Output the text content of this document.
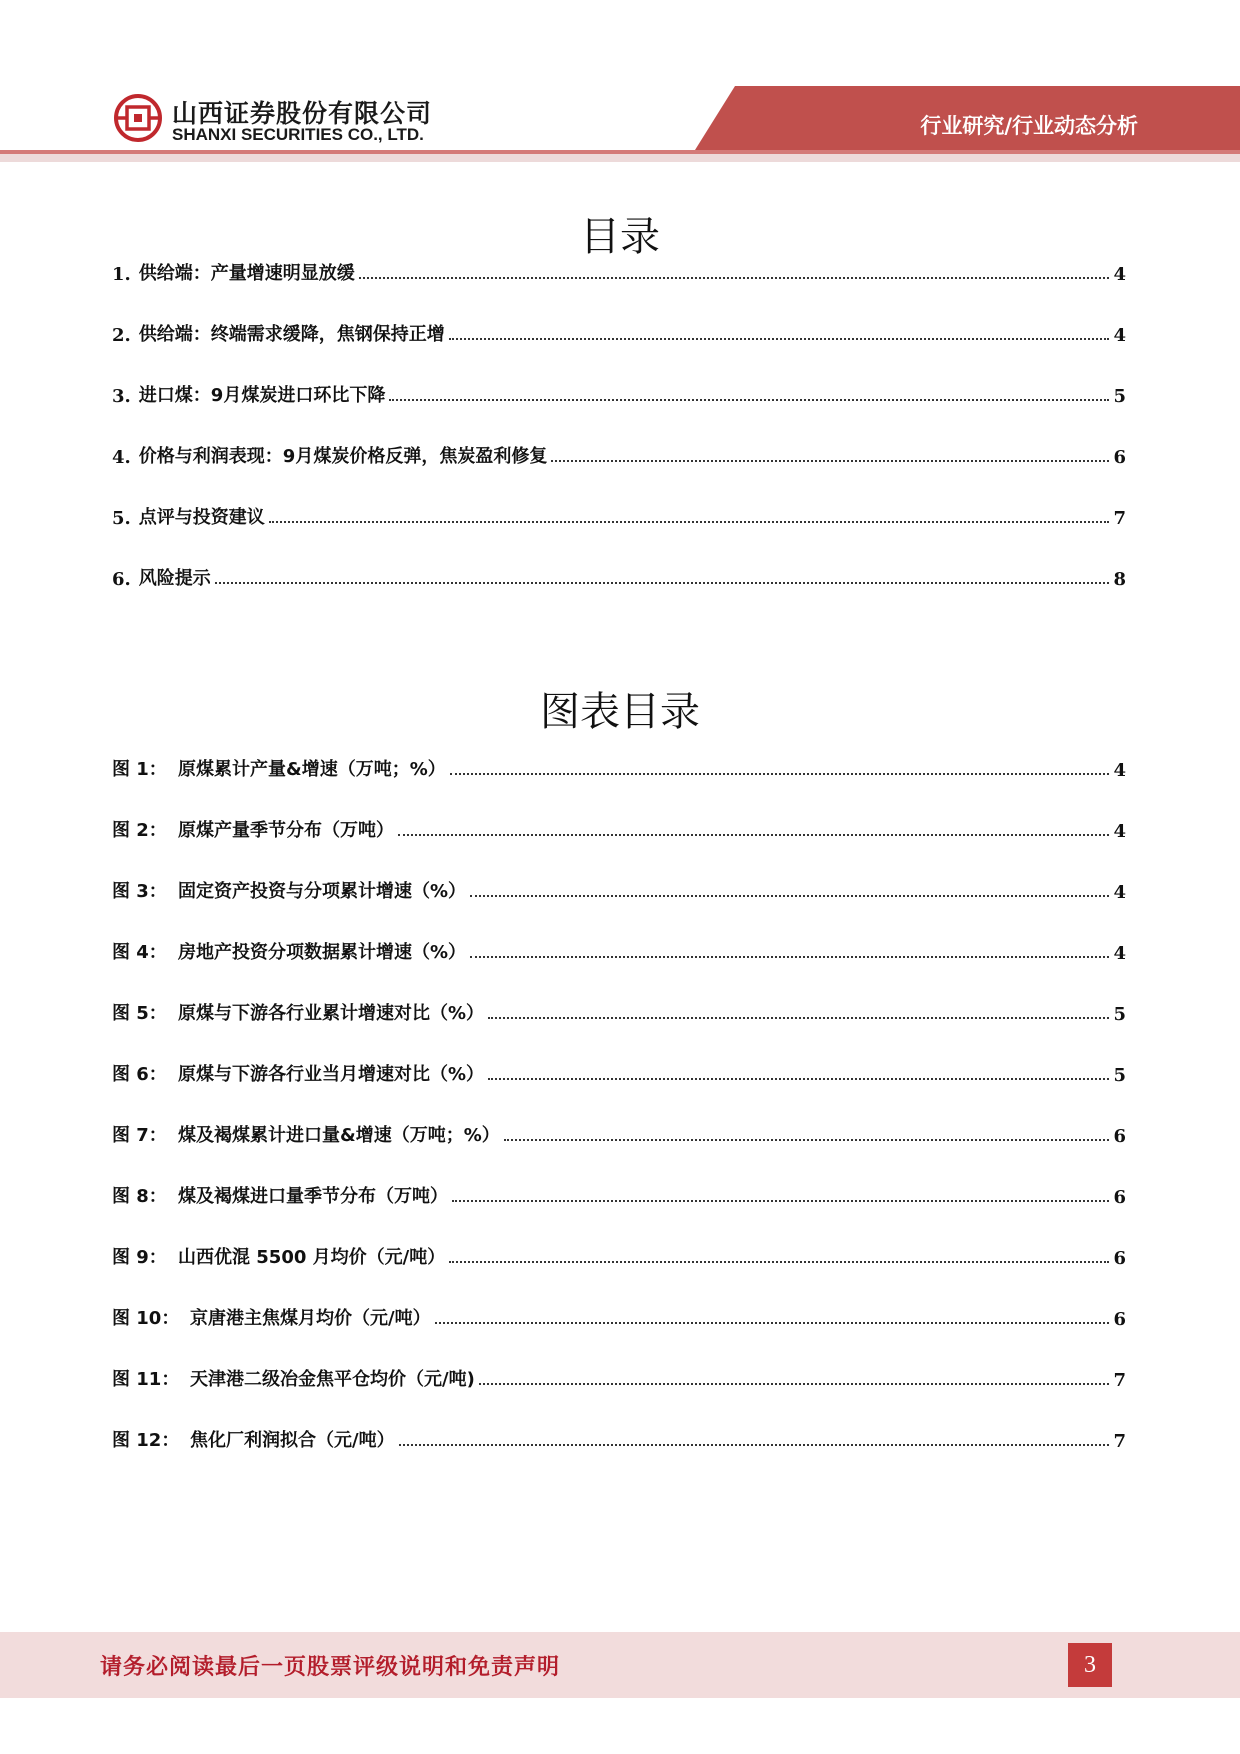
山西证券股份有限公司
SHANXI SECURITIES CO., LTD.	行业研究/行业动态分析
目录
1. 供给端：产量增速明显放缓	4
2. 供给端：终端需求缓降，焦钢保持正增	4
3. 进口煤：9月煤炭进口环比下降	5
4. 价格与利润表现：9月煤炭价格反弹，焦炭盈利修复	6
5. 点评与投资建议	7
6. 风险提示	8
图表目录
图 1： 原煤累计产量&增速（万吨；%）	4
图 2： 原煤产量季节分布（万吨）	4
图 3： 固定资产投资与分项累计增速（%）	4
图 4： 房地产投资分项数据累计增速（%）	4
图 5： 原煤与下游各行业累计增速对比（%）	5
图 6： 原煤与下游各行业当月增速对比（%）	5
图 7： 煤及褐煤累计进口量&增速（万吨；%）	6
图 8： 煤及褐煤进口量季节分布（万吨）	6
图 9： 山西优混 5500 月均价（元/吨）	6
图 10： 京唐港主焦煤月均价（元/吨）	6
图 11： 天津港二级冶金焦平仓均价（元/吨)	7
图 12： 焦化厂利润拟合（元/吨）	7
请务必阅读最后一页股票评级说明和免责声明	3
